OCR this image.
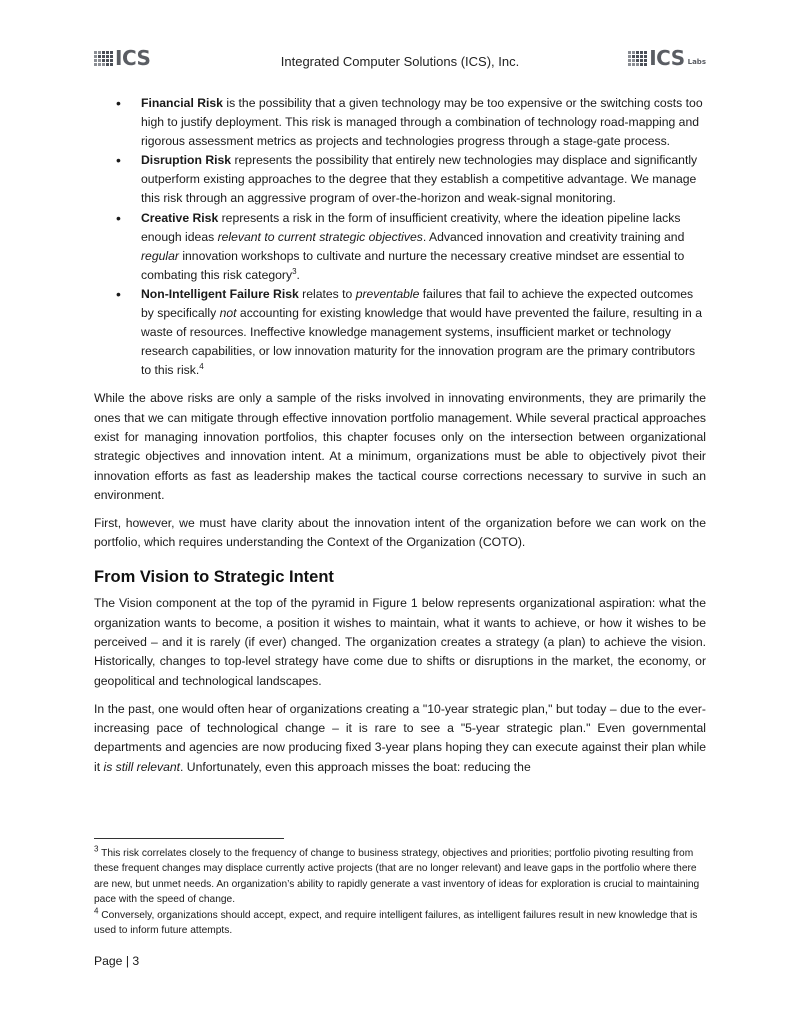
ICS	Integrated Computer Solutions (ICS), Inc.	ICS Labs
• Financial Risk is the possibility that a given technology may be too expensive or the switching costs too high to justify deployment. This risk is managed through a combination of technology road-mapping and rigorous assessment metrics as projects and technologies progress through a stage-gate process.
• Disruption Risk represents the possibility that entirely new technologies may displace and significantly outperform existing approaches to the degree that they establish a competitive advantage. We manage this risk through an aggressive program of over-the-horizon and weak-signal monitoring.
• Creative Risk represents a risk in the form of insufficient creativity, where the ideation pipeline lacks enough ideas relevant to current strategic objectives. Advanced innovation and creativity training and regular innovation workshops to cultivate and nurture the necessary creative mindset are essential to combating this risk category$^3$.
• Non-Intelligent Failure Risk relates to preventable failures that fail to achieve the expected outcomes by specifically not accounting for existing knowledge that would have prevented the failure, resulting in a waste of resources. Ineffective knowledge management systems, insufficient market or technology research capabilities, or low innovation maturity for the innovation program are the primary contributors to this risk.$^4$

While the above risks are only a sample of the risks involved in innovating environments, they are primarily the ones that we can mitigate through effective innovation portfolio management. While several practical approaches exist for managing innovation portfolios, this chapter focuses only on the intersection between organizational strategic objectives and innovation intent. At a minimum, organizations must be able to objectively pivot their innovation efforts as fast as leadership makes the tactical course corrections necessary to survive in such an environment.

First, however, we must have clarity about the innovation intent of the organization before we can work on the portfolio, which requires understanding the Context of the Organization (COTO).

From Vision to Strategic Intent

The Vision component at the top of the pyramid in Figure 1 below represents organizational aspiration: what the organization wants to become, a position it wishes to maintain, what it wants to achieve, or how it wishes to be perceived – and it is rarely (if ever) changed. The organization creates a strategy (a plan) to achieve the vision. Historically, changes to top-level strategy have come due to shifts or disruptions in the market, the economy, or geopolitical and technological landscapes.

In the past, one would often hear of organizations creating a "10-year strategic plan," but today – due to the ever-increasing pace of technological change – it is rare to see a "5-year strategic plan." Even governmental departments and agencies are now producing fixed 3-year plans hoping they can execute against their plan while it is still relevant. Unfortunately, even this approach misses the boat: reducing the

$^3$ This risk correlates closely to the frequency of change to business strategy, objectives and priorities; portfolio pivoting resulting from these frequent changes may displace currently active projects (that are no longer relevant) and leave gaps in the portfolio where there are new, but unmet needs. An organization’s ability to rapidly generate a vast inventory of ideas for exploration is crucial to maintaining pace with the speed of change.

$^4$ Conversely, organizations should accept, expect, and require intelligent failures, as intelligent failures result in new knowledge that is used to inform future attempts.

Page | 3
